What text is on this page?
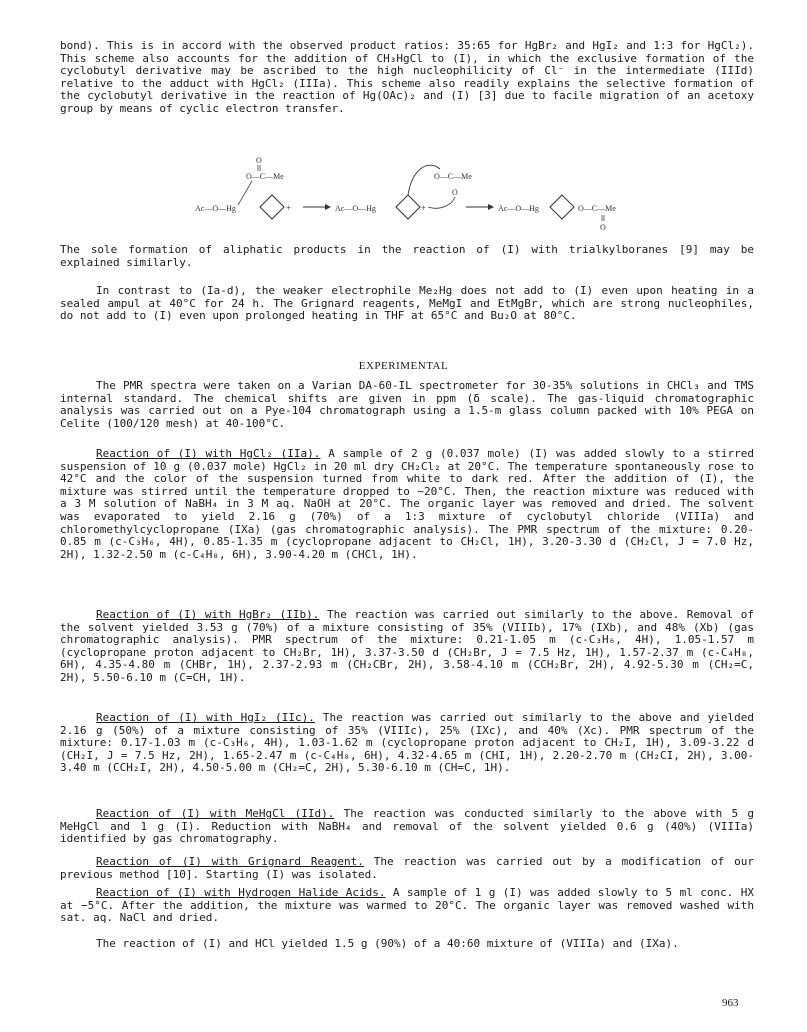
bond). This is in accord with the observed product ratios: 35:65 for HgBr₂ and HgI₂ and 1:3 for HgCl₂). This scheme also accounts for the addition of CH₃HgCl to (I), in which the exclusive formation of the cyclobutyl derivative may be ascribed to the high nucleophilicity of Cl⁻ in the intermediate (IIId) relative to the adduct with HgCl₂ (IIIa). This scheme also readily explains the selective formation of the cyclobutyl derivative in the reaction of Hg(OAc)₂ and (I) [3] due to facile migration of an acetoxy group by means of cyclic electron transfer.

Ac—O—Hg
O—C—Me
O
+	Ac—O—Hg	+
O—C—Me
O
Ac—O—Hg	O—C—Me
O

The sole formation of aliphatic products in the reaction of (I) with trialkylboranes [9] may be explained similarly.

In contrast to (Ia-d), the weaker electrophile Me₂Hg does not add to (I) even upon heating in a sealed ampul at 40°C for 24 h. The Grignard reagents, MeMgI and EtMgBr, which are strong nucleophiles, do not add to (I) even upon prolonged heating in THF at 65°C and Bu₂O at 80°C.

EXPERIMENTAL

The PMR spectra were taken on a Varian DA-60-IL spectrometer for 30-35% solutions in CHCl₃ and TMS internal standard. The chemical shifts are given in ppm (δ scale). The gas-liquid chromatographic analysis was carried out on a Pye-104 chromatograph using a 1.5-m glass column packed with 10% PEGA on Celite (100/120 mesh) at 40-100°C.

Reaction of (I) with HgCl₂ (IIa). A sample of 2 g (0.037 mole) (I) was added slowly to a stirred suspension of 10 g (0.037 mole) HgCl₂ in 20 ml dry CH₂Cl₂ at 20°C. The temperature spontaneously rose to 42°C and the color of the suspension turned from white to dark red. After the addition of (I), the mixture was stirred until the temperature dropped to ∼20°C. Then, the reaction mixture was reduced with a 3 M solution of NaBH₄ in 3 M aq. NaOH at 20°C. The organic layer was removed and dried. The solvent was evaporated to yield 2.16 g (70%) of a 1:3 mixture of cyclobutyl chloride (VIIIa) and chloromethylcyclopropane (IXa) (gas chromatographic analysis). The PMR spectrum of the mixture: 0.20-0.85 m (c-C₃H₆, 4H), 0.85-1.35 m (cyclopropane adjacent to CH₂Cl, 1H), 3.20-3.30 d (CH₂Cl, J = 7.0 Hz, 2H), 1.32-2.50 m (c-C₄H₈, 6H), 3.90-4.20 m (CHCl, 1H).

Reaction of (I) with HgBr₂ (IIb). The reaction was carried out similarly to the above. Removal of the solvent yielded 3.53 g (70%) of a mixture consisting of 35% (VIIIb), 17% (IXb), and 48% (Xb) (gas chromatographic analysis). PMR spectrum of the mixture: 0.21-1.05 m (c-C₃H₆, 4H), 1.05-1.57 m (cyclopropane proton adjacent to CH₂Br, 1H), 3.37-3.50 d (CH₂Br, J = 7.5 Hz, 1H), 1.57-2.37 m (c-C₄H₈, 6H), 4.35-4.80 m (CHBr, 1H), 2.37-2.93 m (CH₂CBr, 2H), 3.58-4.10 m (CCH₂Br, 2H), 4.92-5.30 m (CH₂=C, 2H), 5.50-6.10 m (C=CH, 1H).

Reaction of (I) with HgI₂ (IIc). The reaction was carried out similarly to the above and yielded 2.16 g (50%) of a mixture consisting of 35% (VIIIc), 25% (IXc), and 40% (Xc). PMR spectrum of the mixture: 0.17-1.03 m (c-C₃H₆, 4H), 1.03-1.62 m (cyclopropane proton adjacent to CH₂I, 1H), 3.09-3.22 d (CH₂I, J = 7.5 Hz, 2H), 1.65-2.47 m (c-C₄H₈, 6H), 4.32-4.65 m (CHI, 1H), 2.20-2.70 m (CH₂CI, 2H), 3.00-3.40 m (CCH₂I, 2H), 4.50-5.00 m (CH₂=C, 2H), 5.30-6.10 m (CH=C, 1H).

Reaction of (I) with MeHgCl (IId). The reaction was conducted similarly to the above with 5 g MeHgCl and 1 g (I). Reduction with NaBH₄ and removal of the solvent yielded 0.6 g (40%) (VIIIa) identified by gas chromatography.

Reaction of (I) with Grignard Reagent. The reaction was carried out by a modification of our previous method [10]. Starting (I) was isolated.

Reaction of (I) with Hydrogen Halide Acids. A sample of 1 g (I) was added slowly to 5 ml conc. HX at −5°C. After the addition, the mixture was warmed to 20°C. The organic layer was removed washed with sat. aq. NaCl and dried.

The reaction of (I) and HCl yielded 1.5 g (90%) of a 40:60 mixture of (VIIIa) and (IXa).

963
